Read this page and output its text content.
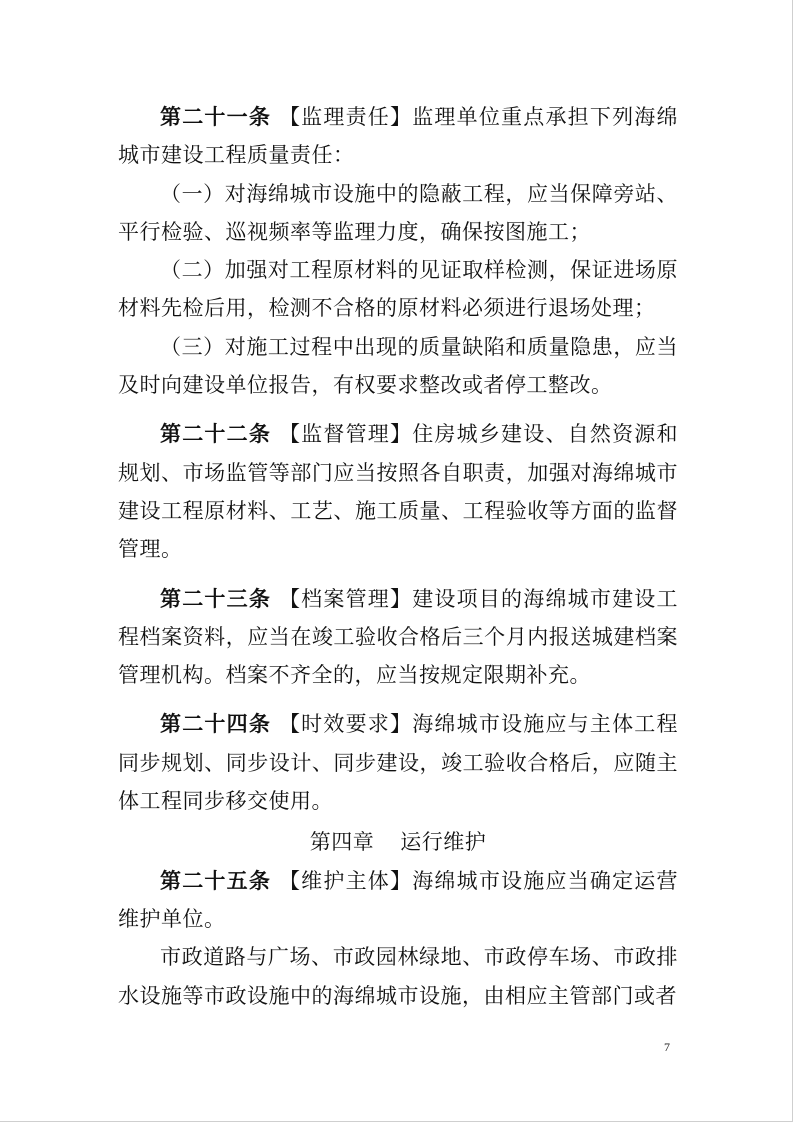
第二十一条 【监理责任】监理单位重点承担下列海绵城市建设工程质量责任：

（一）对海绵城市设施中的隐蔽工程，应当保障旁站、平行检验、巡视频率等监理力度，确保按图施工；

（二）加强对工程原材料的见证取样检测，保证进场原材料先检后用，检测不合格的原材料必须进行退场处理；

（三）对施工过程中出现的质量缺陷和质量隐患，应当及时向建设单位报告，有权要求整改或者停工整改。

第二十二条 【监督管理】住房城乡建设、自然资源和规划、市场监管等部门应当按照各自职责，加强对海绵城市建设工程原材料、工艺、施工质量、工程验收等方面的监督管理。

第二十三条 【档案管理】建设项目的海绵城市建设工程档案资料，应当在竣工验收合格后三个月内报送城建档案管理机构。档案不齐全的，应当按规定限期补充。

第二十四条 【时效要求】海绵城市设施应与主体工程同步规划、同步设计、同步建设，竣工验收合格后，应随主体工程同步移交使用。

第四章 运行维护

第二十五条 【维护主体】海绵城市设施应当确定运营维护单位。

市政道路与广场、市政园林绿地、市政停车场、市政排水设施等市政设施中的海绵城市设施，由相应主管部门或者

7
